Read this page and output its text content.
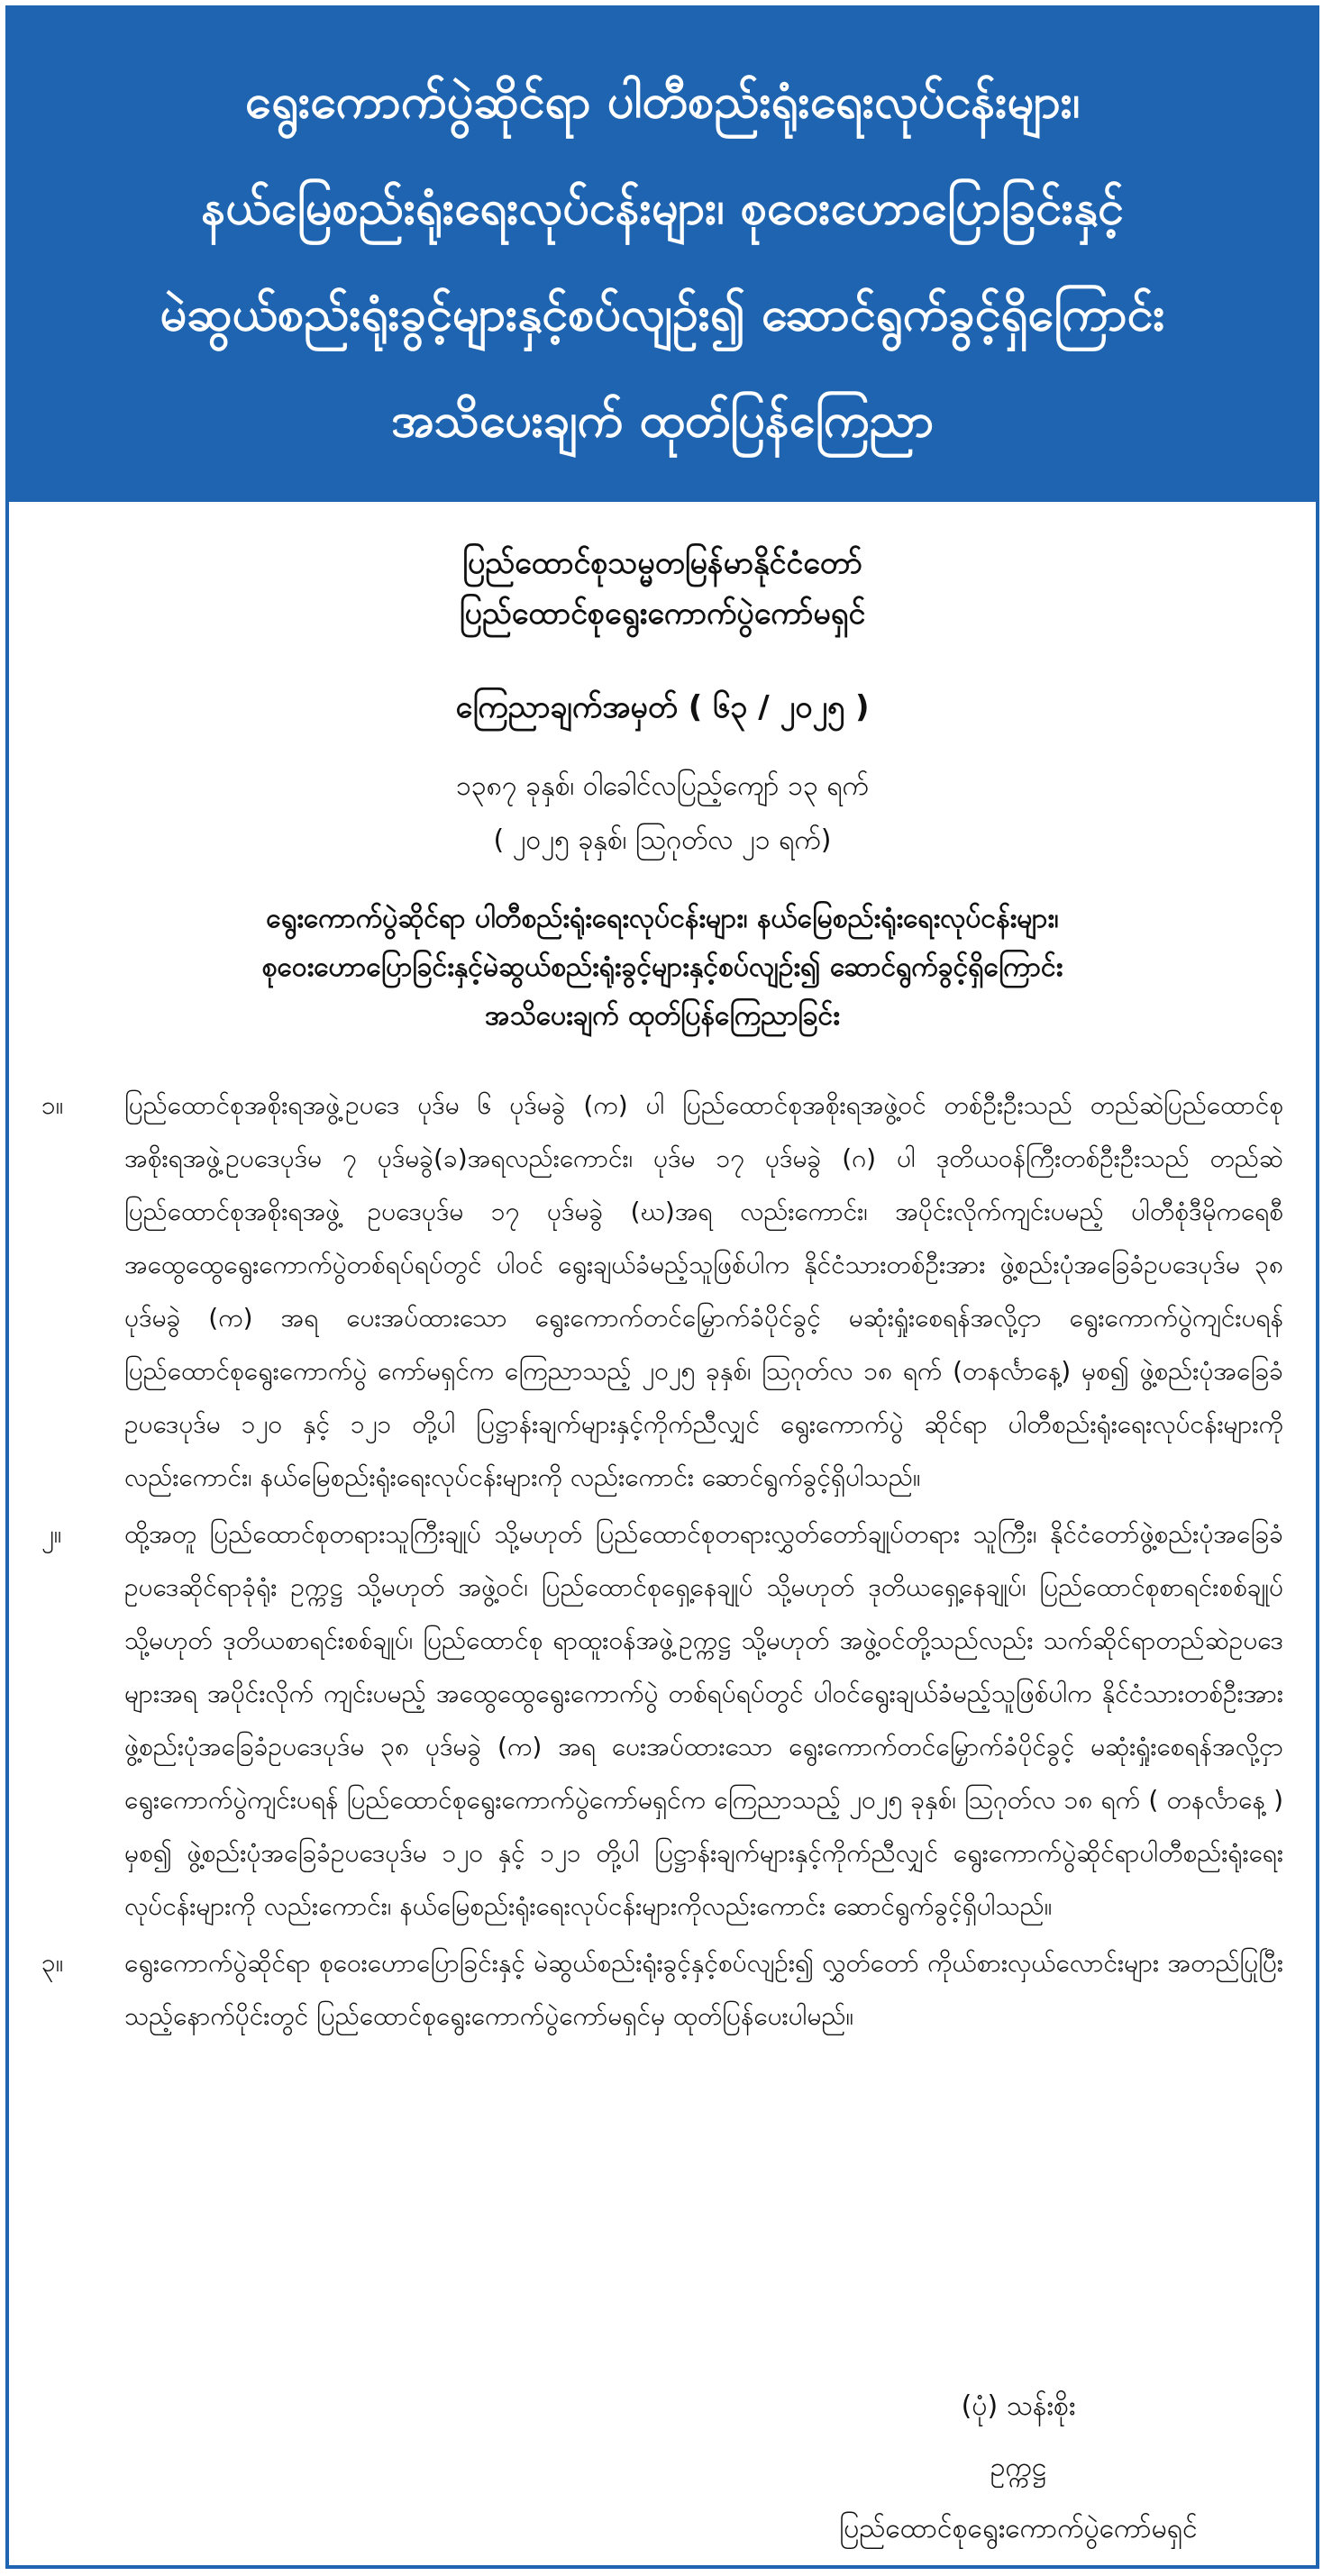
ရွေးကောက်ပွဲဆိုင်ရာ ပါတီစည်းရုံးရေးလုပ်ငန်းများ၊
နယ်မြေစည်းရုံးရေးလုပ်ငန်းများ၊ စုဝေးဟောပြောခြင်းနှင့်
မဲဆွယ်စည်းရုံးခွင့်များနှင့်စပ်လျဉ်း၍ ဆောင်ရွက်ခွင့်ရှိကြောင်း
အသိပေးချက် ထုတ်ပြန်ကြေညာ
ပြည်ထောင်စုသမ္မတမြန်မာနိုင်ငံတော်
ပြည်ထောင်စုရွေးကောက်ပွဲကော်မရှင်
ကြေညာချက်အမှတ် ( ၆၃ / ၂၀၂၅ )
၁၃၈၇ ခုနှစ်၊ ဝါခေါင်လပြည့်ကျော် ၁၃ ရက်
( ၂၀၂၅ ခုနှစ်၊ ဩဂုတ်လ ၂၁ ရက်)
ရွေးကောက်ပွဲဆိုင်ရာ ပါတီစည်းရုံးရေးလုပ်ငန်းများ၊ နယ်မြေစည်းရုံးရေးလုပ်ငန်းများ၊
စုဝေးဟောပြောခြင်းနှင့်မဲဆွယ်စည်းရုံးခွင့်များနှင့်စပ်လျဉ်း၍ ဆောင်ရွက်ခွင့်ရှိကြောင်း
အသိပေးချက် ထုတ်ပြန်ကြေညာခြင်း

၁။ ပြည်ထောင်စုအစိုးရအဖွဲ့ဥပဒေ ပုဒ်မ ၆ ပုဒ်မခွဲ (က) ပါ ပြည်ထောင်စုအစိုးရအဖွဲ့ဝင် တစ်ဦးဦးသည် တည်ဆဲပြည်ထောင်စုအစိုးရအဖွဲ့ဥပဒေပုဒ်မ ၇ ပုဒ်မခွဲ(ခ)အရလည်းကောင်း၊ ပုဒ်မ ၁၇ ပုဒ်မခွဲ (ဂ) ပါ ဒုတိယဝန်ကြီးတစ်ဦးဦးသည် တည်ဆဲပြည်ထောင်စုအစိုးရအဖွဲ့ ဥပဒေပုဒ်မ ၁၇ ပုဒ်မခွဲ (ဃ)အရ လည်းကောင်း၊ အပိုင်းလိုက်ကျင်းပမည့် ပါတီစုံဒီမိုကရေစီအထွေထွေရွေးကောက်ပွဲတစ်ရပ်ရပ်တွင် ပါဝင် ရွေးချယ်ခံမည့်သူဖြစ်ပါက နိုင်ငံသားတစ်ဦးအား ဖွဲ့စည်းပုံအခြေခံဥပဒေပုဒ်မ ၃၈ ပုဒ်မခွဲ (က) အရ ပေးအပ်ထားသော ရွေးကောက်တင်မြှောက်ခံပိုင်ခွင့် မဆုံးရှုံးစေရန်အလို့ငှာ ရွေးကောက်ပွဲကျင်းပရန် ပြည်ထောင်စုရွေးကောက်ပွဲ ကော်မရှင်က ကြေညာသည့် ၂၀၂၅ ခုနှစ်၊ ဩဂုတ်လ ၁၈ ရက် (တနင်္လာနေ့) မှစ၍ ဖွဲ့စည်းပုံအခြေခံဥပဒေပုဒ်မ ၁၂၀ နှင့် ၁၂၁ တို့ပါ ပြဋ္ဌာန်းချက်များနှင့်ကိုက်ညီလျှင် ရွေးကောက်ပွဲ ဆိုင်ရာ ပါတီစည်းရုံးရေးလုပ်ငန်းများကိုလည်းကောင်း၊ နယ်မြေစည်းရုံးရေးလုပ်ငန်းများကို လည်းကောင်း ဆောင်ရွက်ခွင့်ရှိပါသည်။

၂။ ထို့အတူ ပြည်ထောင်စုတရားသူကြီးချုပ် သို့မဟုတ် ပြည်ထောင်စုတရားလွှတ်တော်ချုပ်တရား သူကြီး၊ နိုင်ငံတော်ဖွဲ့စည်းပုံအခြေခံဥပဒေဆိုင်ရာခုံရုံး ဥက္ကဋ္ဌ သို့မဟုတ် အဖွဲ့ဝင်၊ ပြည်ထောင်စုရှေ့နေချုပ် သို့မဟုတ် ဒုတိယရှေ့နေချုပ်၊ ပြည်ထောင်စုစာရင်းစစ်ချုပ် သို့မဟုတ် ဒုတိယစာရင်းစစ်ချုပ်၊ ပြည်ထောင်စု ရာထူးဝန်အဖွဲ့ဥက္ကဋ္ဌ သို့မဟုတ် အဖွဲ့ဝင်တို့သည်လည်း သက်ဆိုင်ရာတည်ဆဲဥပဒေများအရ အပိုင်းလိုက် ကျင်းပမည့် အထွေထွေရွေးကောက်ပွဲ တစ်ရပ်ရပ်တွင် ပါဝင်ရွေးချယ်ခံမည့်သူဖြစ်ပါက နိုင်ငံသားတစ်ဦးအား ဖွဲ့စည်းပုံအခြေခံဥပဒေပုဒ်မ ၃၈ ပုဒ်မခွဲ (က) အရ ပေးအပ်ထားသော ရွေးကောက်တင်မြှောက်ခံပိုင်ခွင့် မဆုံးရှုံးစေရန်အလို့ငှာ ရွေးကောက်ပွဲကျင်းပရန် ပြည်ထောင်စုရွေးကောက်ပွဲကော်မရှင်က ကြေညာသည့် ၂၀၂၅ ခုနှစ်၊ ဩဂုတ်လ ၁၈ ရက် ( တနင်္လာနေ့ ) မှစ၍ ဖွဲ့စည်းပုံအခြေခံဥပဒေပုဒ်မ ၁၂၀ နှင့် ၁၂၁ တို့ပါ ပြဋ္ဌာန်းချက်များနှင့်ကိုက်ညီလျှင် ရွေးကောက်ပွဲဆိုင်ရာပါတီစည်းရုံးရေးလုပ်ငန်းများကို လည်းကောင်း၊ နယ်မြေစည်းရုံးရေးလုပ်ငန်းများကိုလည်းကောင်း ဆောင်ရွက်ခွင့်ရှိပါသည်။

၃။ ရွေးကောက်ပွဲဆိုင်ရာ စုဝေးဟောပြောခြင်းနှင့် မဲဆွယ်စည်းရုံးခွင့်နှင့်စပ်လျဉ်း၍ လွှတ်တော် ကိုယ်စားလှယ်လောင်းများ အတည်ပြုပြီးသည့်နောက်ပိုင်းတွင် ပြည်ထောင်စုရွေးကောက်ပွဲကော်မရှင်မှ ထုတ်ပြန်ပေးပါမည်။

(ပုံ) သန်းစိုး
ဥက္ကဋ္ဌ
ပြည်ထောင်စုရွေးကောက်ပွဲကော်မရှင်
